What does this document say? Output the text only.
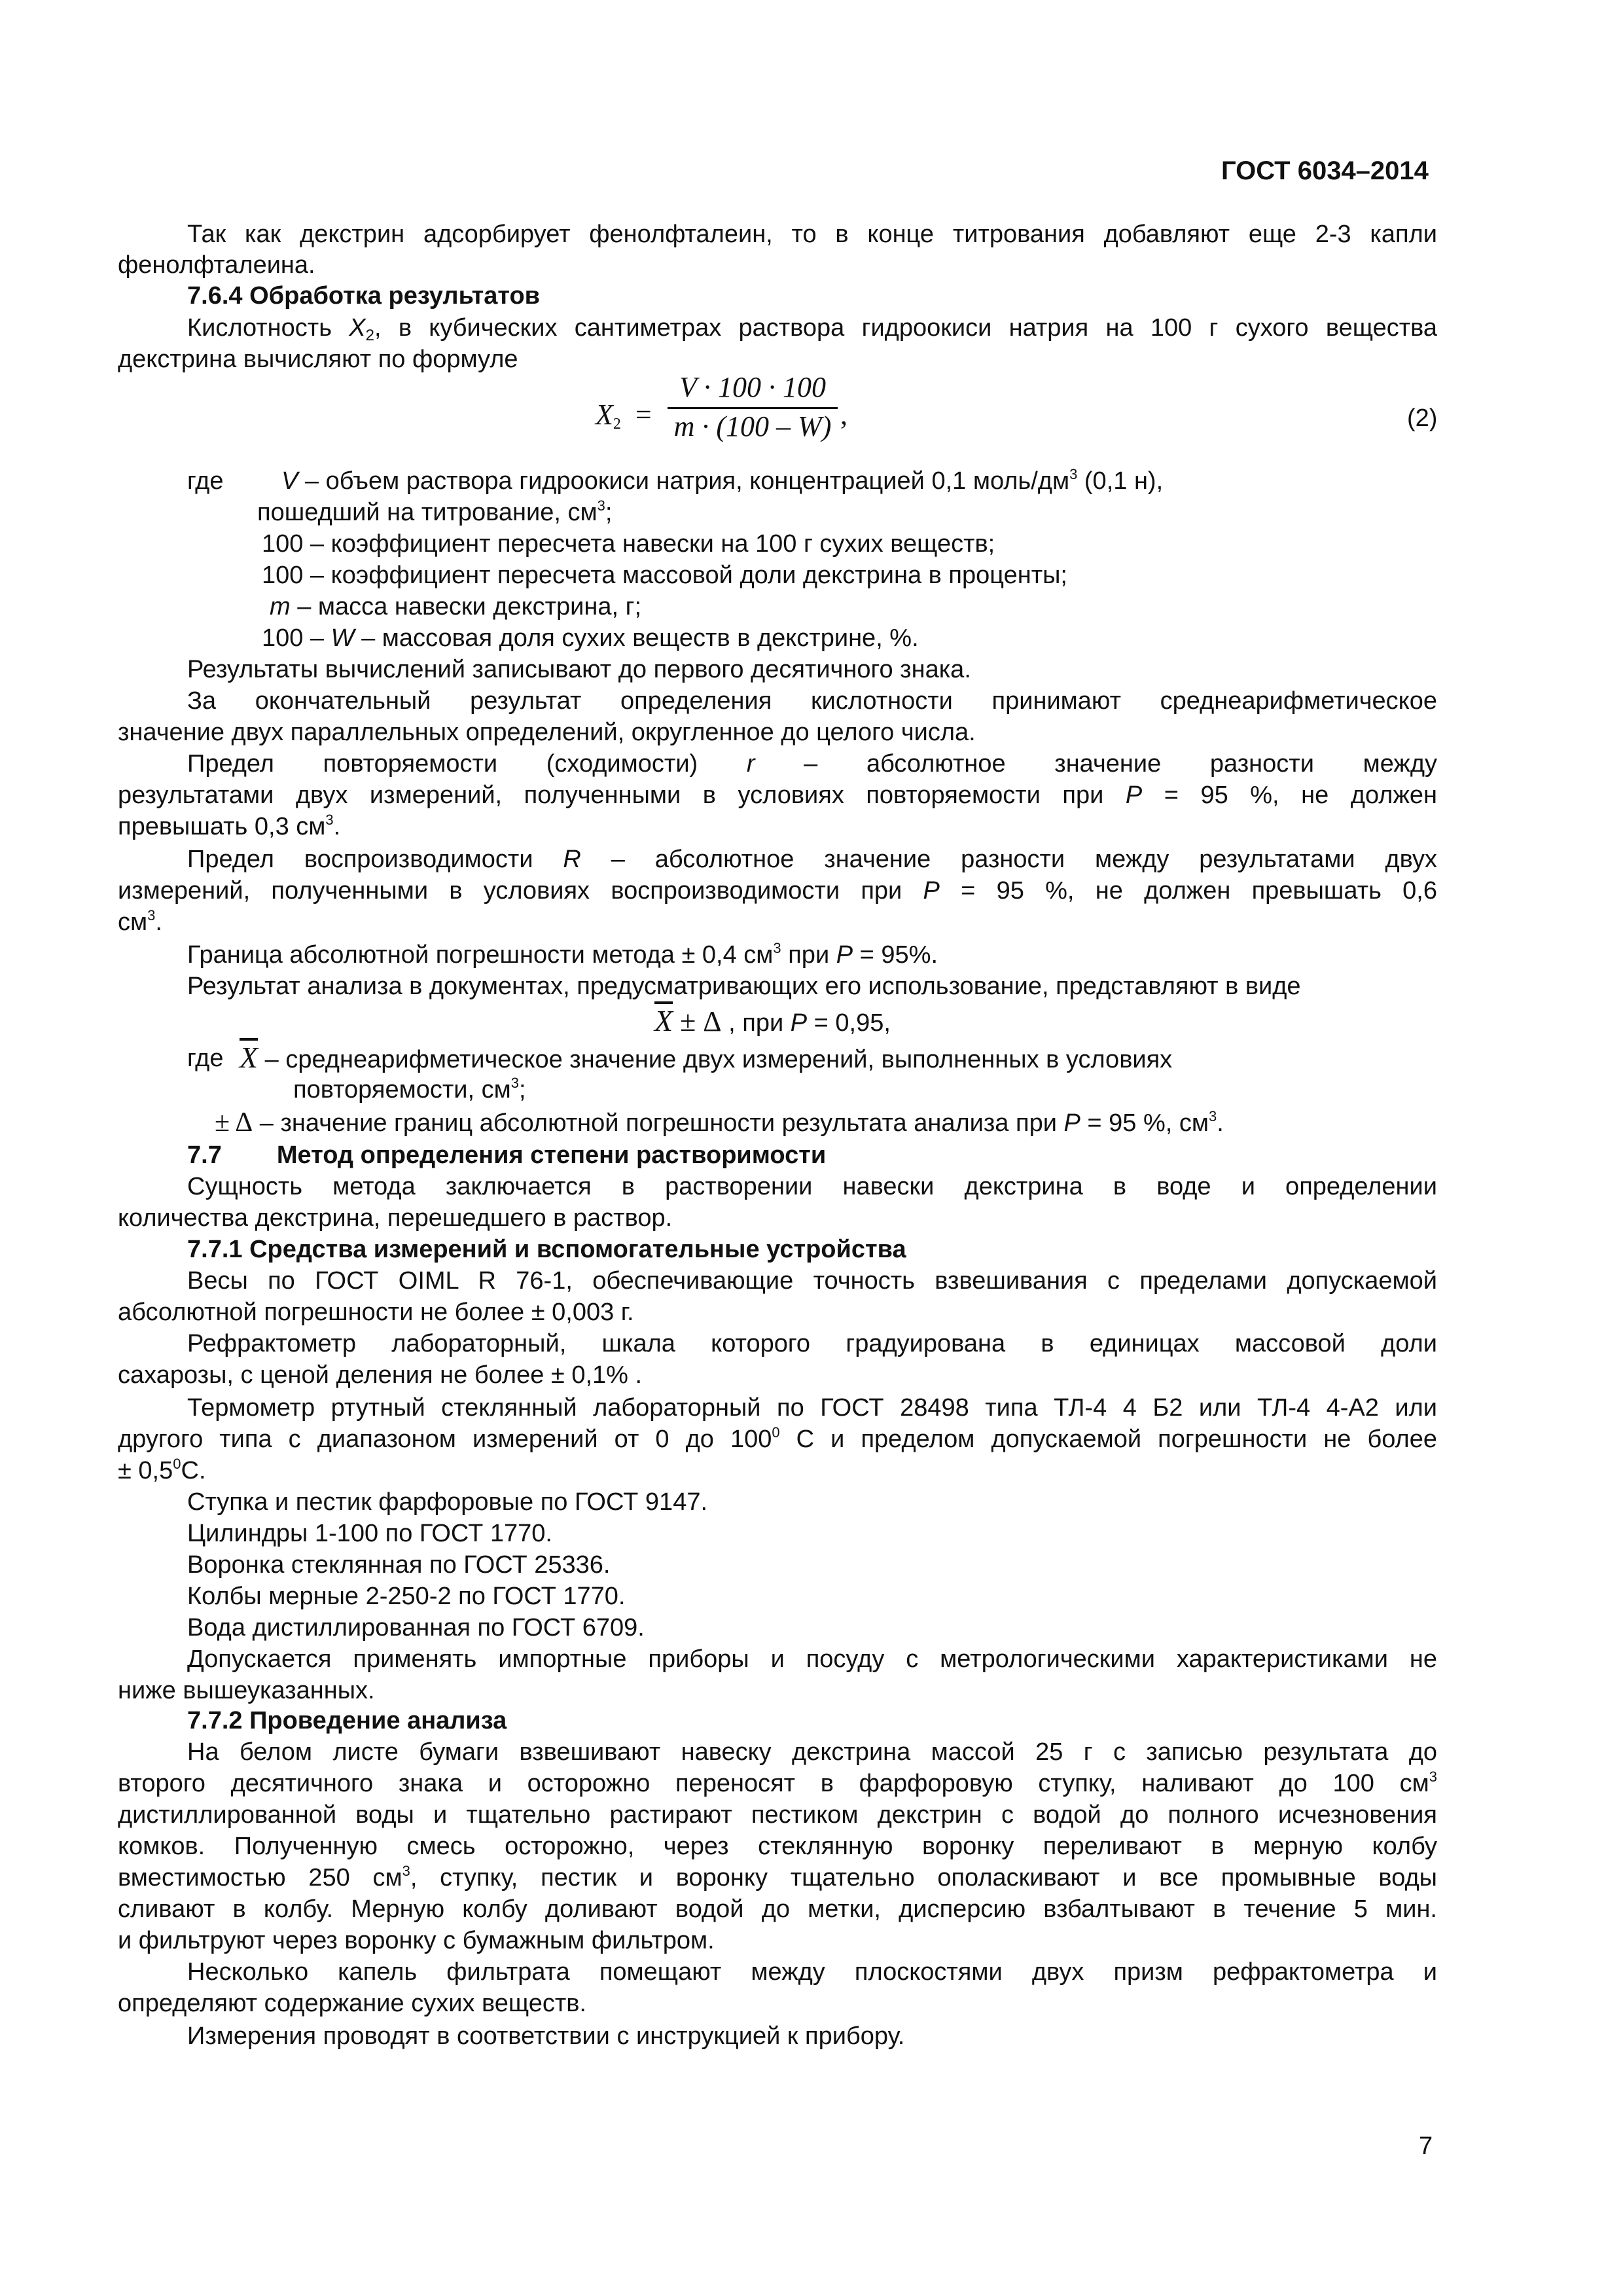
ГОСТ 6034–2014
Так как декстрин адсорбирует фенолфталеин, то в конце титрования добавляют еще 2-3 капли
фенолфталеина.
7.6.4 Обработка результатов
Кислотность $X_2$, в кубических сантиметрах раствора гидроокиси натрия на 100 г сухого вещества
декстрина вычисляют по формуле
$X_2$ =
V · 100 · 100
m · (100 – W) ,	(2)
где V – объем раствора гидроокиси натрия, концентрацией 0,1 моль/$дм^3$ (0,1 н),
пошедший на титрование, $см^3$;
100 – коэффициент пересчета навески на 100 г сухих веществ;
100 – коэффициент пересчета массовой доли декстрина в проценты;
m – масса навески декстрина, г;
100 – W – массовая доля сухих веществ в декстрине, %.
Результаты вычислений записывают до первого десятичного знака.
За окончательный результат определения кислотности принимают среднеарифметическое
значение двух параллельных определений, округленное до целого числа.
Предел повторяемости (сходимости) r – абсолютное значение разности между
результатами двух измерений, полученными в условиях повторяемости при P = 95 %, не должен
превышать 0,3 $см^3$.
Предел воспроизводимости R – абсолютное значение разности между результатами двух
измерений, полученными в условиях воспроизводимости при P = 95 %, не должен превышать 0,6
$см^3$.
Граница абсолютной погрешности метода ± 0,4 $см^3$ при P = 95%.
Результат анализа в документах, предусматривающих его использование, представляют в виде
$\overline{X} \pm \Delta$ , при P = 0,95,
где $\overline{X}$ – среднеарифметическое значение двух измерений, выполненных в условиях
повторяемости, $см^3$;
± Δ – значение границ абсолютной погрешности результата анализа при P = 95 %, $см^3$.
7.7 Метод определения степени растворимости
Сущность метода заключается в растворении навески декстрина в воде и определении
количества декстрина, перешедшего в раствор.
7.7.1 Средства измерений и вспомогательные устройства
Весы по ГОСТ OIML R 76-1, обеспечивающие точность взвешивания с пределами допускаемой
абсолютной погрешности не более ± 0,003 г.
Рефрактометр лабораторный, шкала которого градуирована в единицах массовой доли
сахарозы, с ценой деления не более ± 0,1% .
Термометр ртутный стеклянный лабораторный по ГОСТ 28498 типа ТЛ-4 4 Б2 или ТЛ-4 4-А2 или
другого типа с диапазоном измерений от 0 до $100^0$ С и пределом допускаемой погрешности не более
± $0,5^0С$.
Ступка и пестик фарфоровые по ГОСТ 9147.
Цилиндры 1-100 по ГОСТ 1770.
Воронка стеклянная по ГОСТ 25336.
Колбы мерные 2-250-2 по ГОСТ 1770.
Вода дистиллированная по ГОСТ 6709.
Допускается применять импортные приборы и посуду с метрологическими характеристиками не
ниже вышеуказанных.
7.7.2 Проведение анализа
На белом листе бумаги взвешивают навеску декстрина массой 25 г с записью результата до
второго десятичного знака и осторожно переносят в фарфоровую ступку, наливают до 100 $см^3$
дистиллированной воды и тщательно растирают пестиком декстрин с водой до полного исчезновения
комков. Полученную смесь осторожно, через стеклянную воронку переливают в мерную колбу
вместимостью 250 $см^3$, ступку, пестик и воронку тщательно ополаскивают и все промывные воды
сливают в колбу. Мерную колбу доливают водой до метки, дисперсию взбалтывают в течение 5 мин.
и фильтруют через воронку с бумажным фильтром.
Несколько капель фильтрата помещают между плоскостями двух призм рефрактометра и
определяют содержание сухих веществ.
Измерения проводят в соответствии с инструкцией к прибору.
7
